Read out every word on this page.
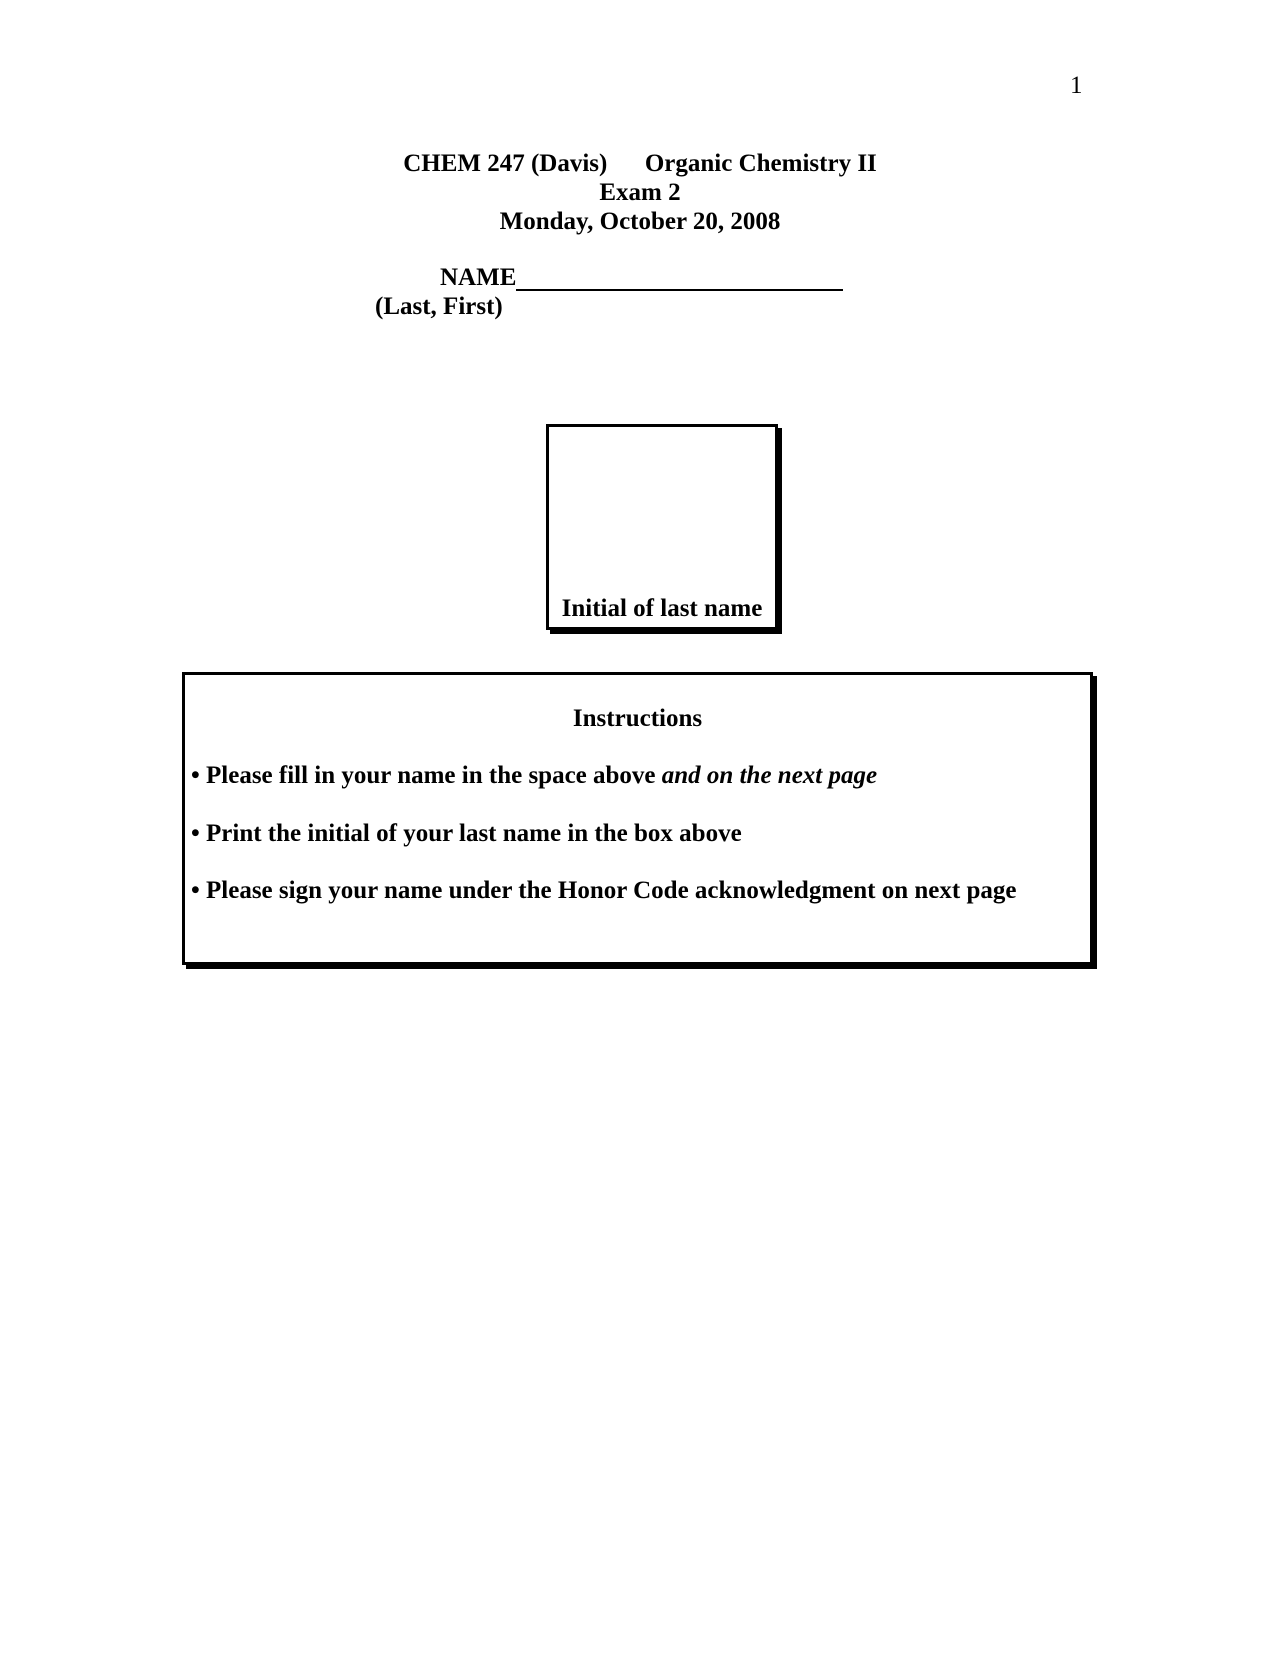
1
CHEM 247 (Davis)      Organic Chemistry II
Exam 2
Monday, October 20, 2008
NAME
(Last, First)
Initial of last name
Instructions
• Please fill in your name in the space above and on the next page
• Print the initial of your last name in the box above
• Please sign your name under the Honor Code acknowledgment on next page
